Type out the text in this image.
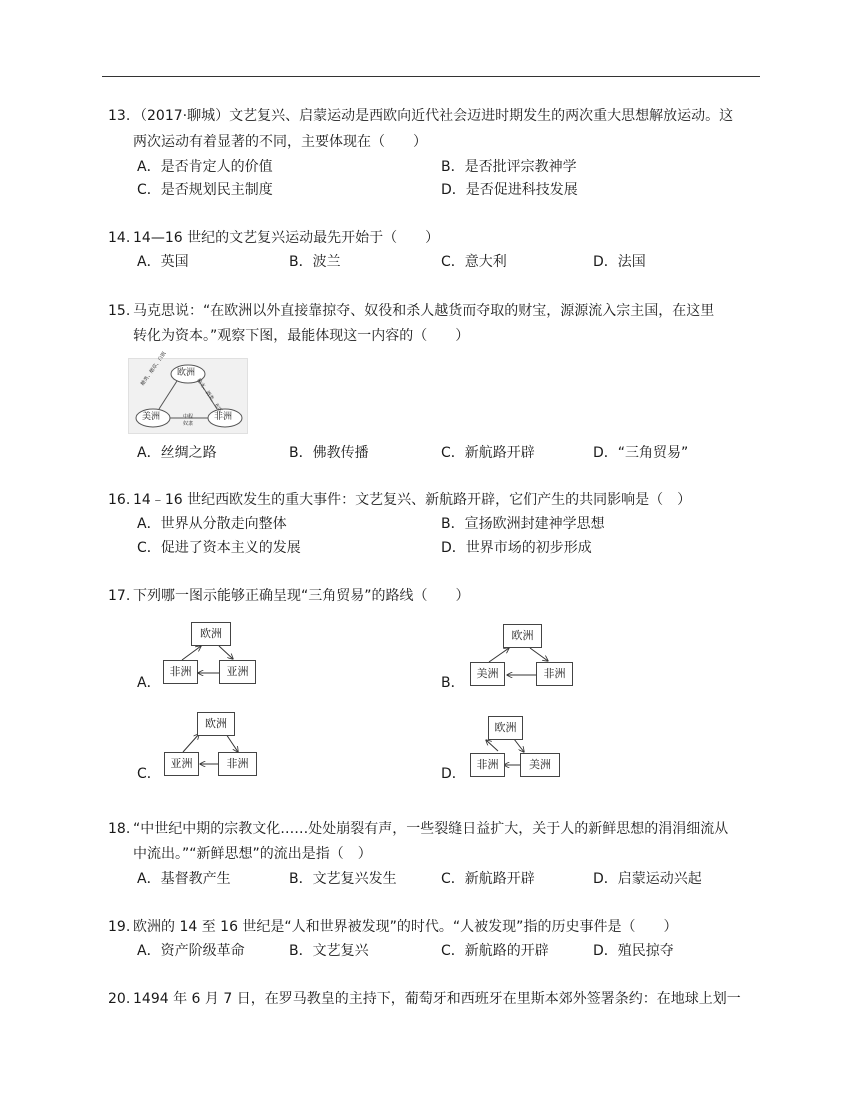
13. （2017·聊城）文艺复兴、启蒙运动是西欧向近代社会迈进时期发生的两次重大思想解放运动。这
两次运动有着显著的不同，主要体现在（　　）
A．是否肯定人的价值	B．是否批评宗教神学
C．是否规划民主制度	D．是否促进科技发展
14. 14—16 世纪的文艺复兴运动最先开始于（　　）
A．英国	B．波兰	C．意大利	D．法国
15. 马克思说：“在欧洲以外直接靠掠夺、奴役和杀人越货而夺取的财宝，源源流入宗主国，在这里
转化为资本。”观察下图，最能体现这一内容的（　　）
欧洲
美洲	非洲
糖类、烟草、白银
枪支、酒类、布匹
中程 奴隶
A．丝绸之路	B．佛教传播	C．新航路开辟	D．“三角贸易”
16. 14﹣16 世纪西欧发生的重大事件：文艺复兴、新航路开辟，它们产生的共同影响是（　）
A．世界从分散走向整体	B．宣扬欧洲封建神学思想
C．促进了资本主义的发展	D．世界市场的初步形成
17. 下列哪一图示能够正确呈现“三角贸易”的路线（　　）
A．
欧洲
非洲	亚洲
B．
欧洲
美洲	非洲
C．
欧洲
亚洲	非洲
D．
欧洲
非洲	美洲
18. “中世纪中期的宗教文化……处处崩裂有声，一些裂缝日益扩大，关于人的新鲜思想的涓涓细流从
中流出。”“新鲜思想”的流出是指（　）
A．基督教产生	B．文艺复兴发生	C．新航路开辟	D．启蒙运动兴起
19. 欧洲的 14 至 16 世纪是“人和世界被发现”的时代。“人被发现”指的历史事件是（　　）
A．资产阶级革命	B．文艺复兴	C．新航路的开辟	D．殖民掠夺
20. 1494 年 6 月 7 日，在罗马教皇的主持下，葡萄牙和西班牙在里斯本郊外签署条约：在地球上划一
